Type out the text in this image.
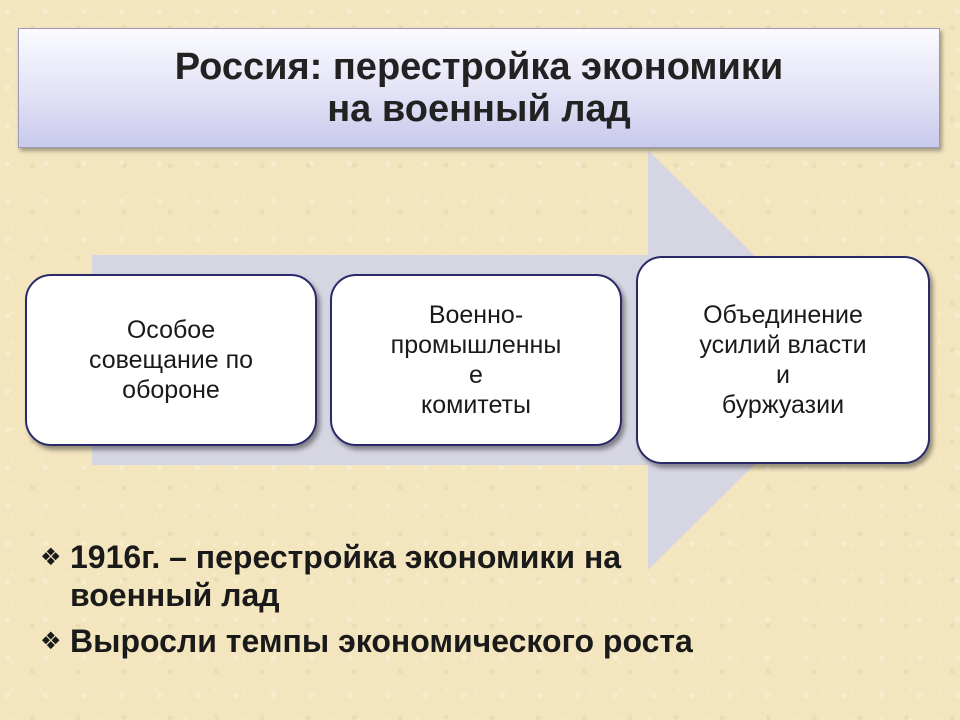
Россия: перестройка экономики
на военный лад
Особое
совещание по
обороне
Военно-
промышленны
е
комитеты
Объединение
усилий власти
и
буржуазии
❖ 1916г. – перестройка экономики на
военный лад
❖ Выросли темпы экономического роста
